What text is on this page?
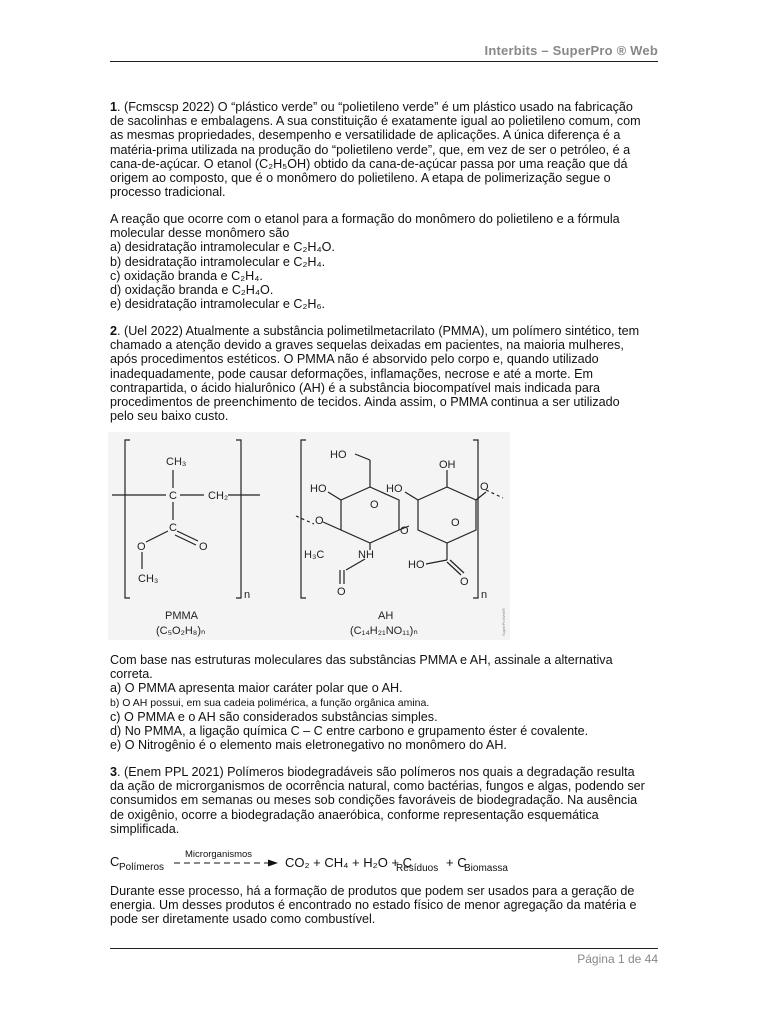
Interbits – SuperPro ® Web

1. (Fcmscsp 2022) O “plástico verde” ou “polietileno verde” é um plástico usado na fabricação
de sacolinhas e embalagens. A sua constituição é exatamente igual ao polietileno comum, com
as mesmas propriedades, desempenho e versatilidade de aplicações. A única diferença é a
matéria-prima utilizada na produção do “polietileno verde”, que, em vez de ser o petróleo, é a
cana-de-açúcar. O etanol (C₂H₅OH) obtido da cana-de-açúcar passa por uma reação que dá
origem ao composto, que é o monômero do polietileno. A etapa de polimerização segue o
processo tradicional.

A reação que ocorre com o etanol para a formação do monômero do polietileno e a fórmula
molecular desse monômero são
a) desidratação intramolecular e C₂H₄O.
b) desidratação intramolecular e C₂H₄.
c) oxidação branda e C₂H₄.
d) oxidação branda e C₂H₄O.
e) desidratação intramolecular e C₂H₆.

2. (Uel 2022) Atualmente a substância polimetilmetacrilato (PMMA), um polímero sintético, tem
chamado a atenção devido a graves sequelas deixadas em pacientes, na maioria mulheres,
após procedimentos estéticos. O PMMA não é absorvido pelo corpo e, quando utilizado
inadequadamente, pode causar deformações, inflamações, necrose e até a morte. Em
contrapartida, o ácido hialurônico (AH) é a substância biocompatível mais indicada para
procedimentos de preenchimento de tecidos. Ainda assim, o PMMA continua a ser utilizado
pelo seu baixo custo.

CH₃
C	CH₂
C
O
O
CH₃
n
PMMA
(C₅O₂H₈)ₙ
HO
HO	HO
OH
O
O
O
O
O
NH
H₃C
O
HO
O
n
AH
(C₁₄H₂₁NO₁₁)ₙ	SuperProWeb®

Com base nas estruturas moleculares das substâncias PMMA e AH, assinale a alternativa
correta.
a) O PMMA apresenta maior caráter polar que o AH.
b) O AH possui, em sua cadeia polimérica, a função orgânica amina.
c) O PMMA e o AH são considerados substâncias simples.
d) No PMMA, a ligação química C – C entre carbono e grupamento éster é covalente.
e) O Nitrogênio é o elemento mais eletronegativo no monômero do AH.

3. (Enem PPL 2021) Polímeros biodegradáveis são polímeros nos quais a degradação resulta
da ação de microrganismos de ocorrência natural, como bactérias, fungos e algas, podendo ser
consumidos em semanas ou meses sob condições favoráveis de biodegradação. Na ausência
de oxigênio, ocorre a biodegradação anaeróbica, conforme representação esquemática
simplificada.

C Polímeros
Microrganismos
CO₂ + CH₄ + H₂O + C
Resíduos + C
Biomassa

Durante esse processo, há a formação de produtos que podem ser usados para a geração de
energia. Um desses produtos é encontrado no estado físico de menor agregação da matéria e
pode ser diretamente usado como combustível.

Página 1 de 44
